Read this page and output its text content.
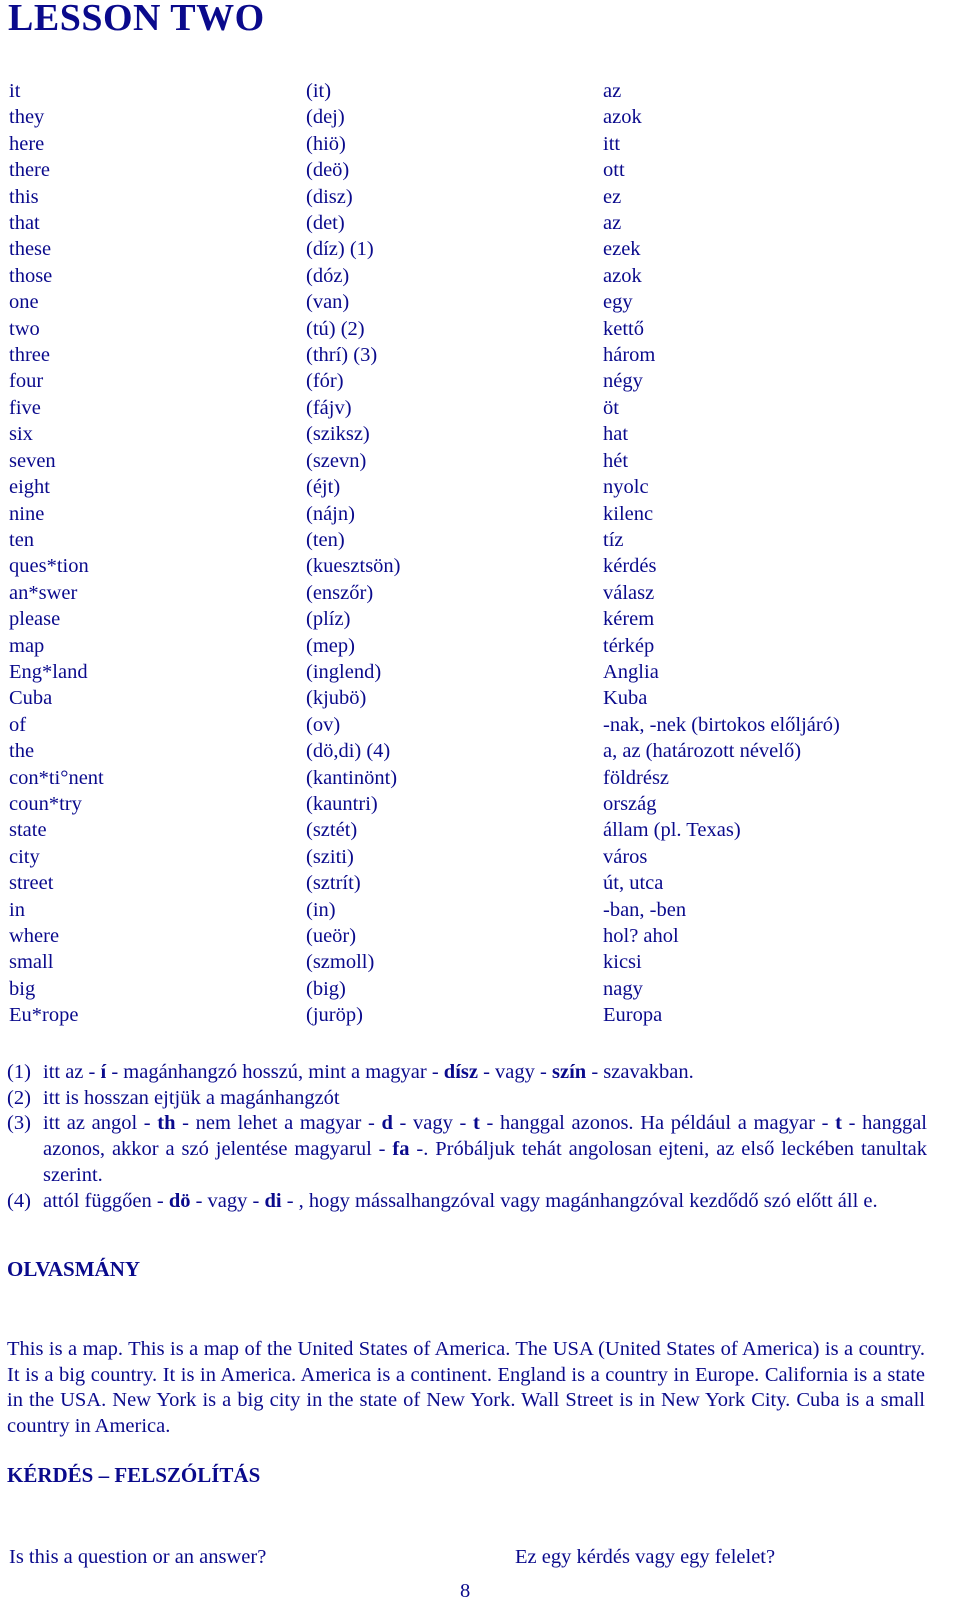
LESSON TWO
it	(it)	az
they	(dej)	azok
here	(hiö)	itt
there	(deö)	ott
this	(disz)	ez
that	(det)	az
these	(díz) (1)	ezek
those	(dóz)	azok
one	(van)	egy
two	(tú) (2)	kettő
three	(thrí) (3)	három
four	(fór)	négy
five	(fájv)	öt
six	(sziksz)	hat
seven	(szevn)	hét
eight	(éjt)	nyolc
nine	(nájn)	kilenc
ten	(ten)	tíz
ques*tion	(kuesztsön)	kérdés
an*swer	(enszőr)	válasz
please	(plíz)	kérem
map	(mep)	térkép
Eng*land	(inglend)	Anglia
Cuba	(kjubö)	Kuba
of	(ov)	-nak, -nek (birtokos előljáró)
the	(dö,di) (4)	a, az (határozott névelő)
con*ti°nent	(kantinönt)	földrész
coun*try	(kauntri)	ország
state	(sztét)	állam (pl. Texas)
city	(sziti)	város
street	(sztrít)	út, utca
in	(in)	-ban, -ben
where	(ueör)	hol? ahol
small	(szmoll)	kicsi
big	(big)	nagy
Eu*rope	(juröp)	Europa
(1) itt az - í - magánhangzó hosszú, mint a magyar - dísz - vagy - szín - szavakban.
(2) itt is hosszan ejtjük a magánhangzót
(3) itt az angol - th - nem lehet a magyar - d - vagy - t - hanggal azonos. Ha például a magyar - t - hanggal azonos, akkor a szó jelentése magyarul - fa -. Próbáljuk tehát angolosan ejteni, az első leckében tanultak szerint.
(4) attól függően - dö - vagy - di - , hogy mássalhangzóval vagy magánhangzóval kezdődő szó előtt áll e.
OLVASMÁNY

This is a map. This is a map of the United States of America. The USA (United States of America) is a country. It is a big country. It is in America. America is a continent. England is a country in Europe. California is a state in the USA. New York is a big city in the state of New York. Wall Street is in New York City. Cuba is a small country in America.

KÉRDÉS – FELSZÓLÍTÁS
Is this a question or an answer?	Ez egy kérdés vagy egy felelet?
8
